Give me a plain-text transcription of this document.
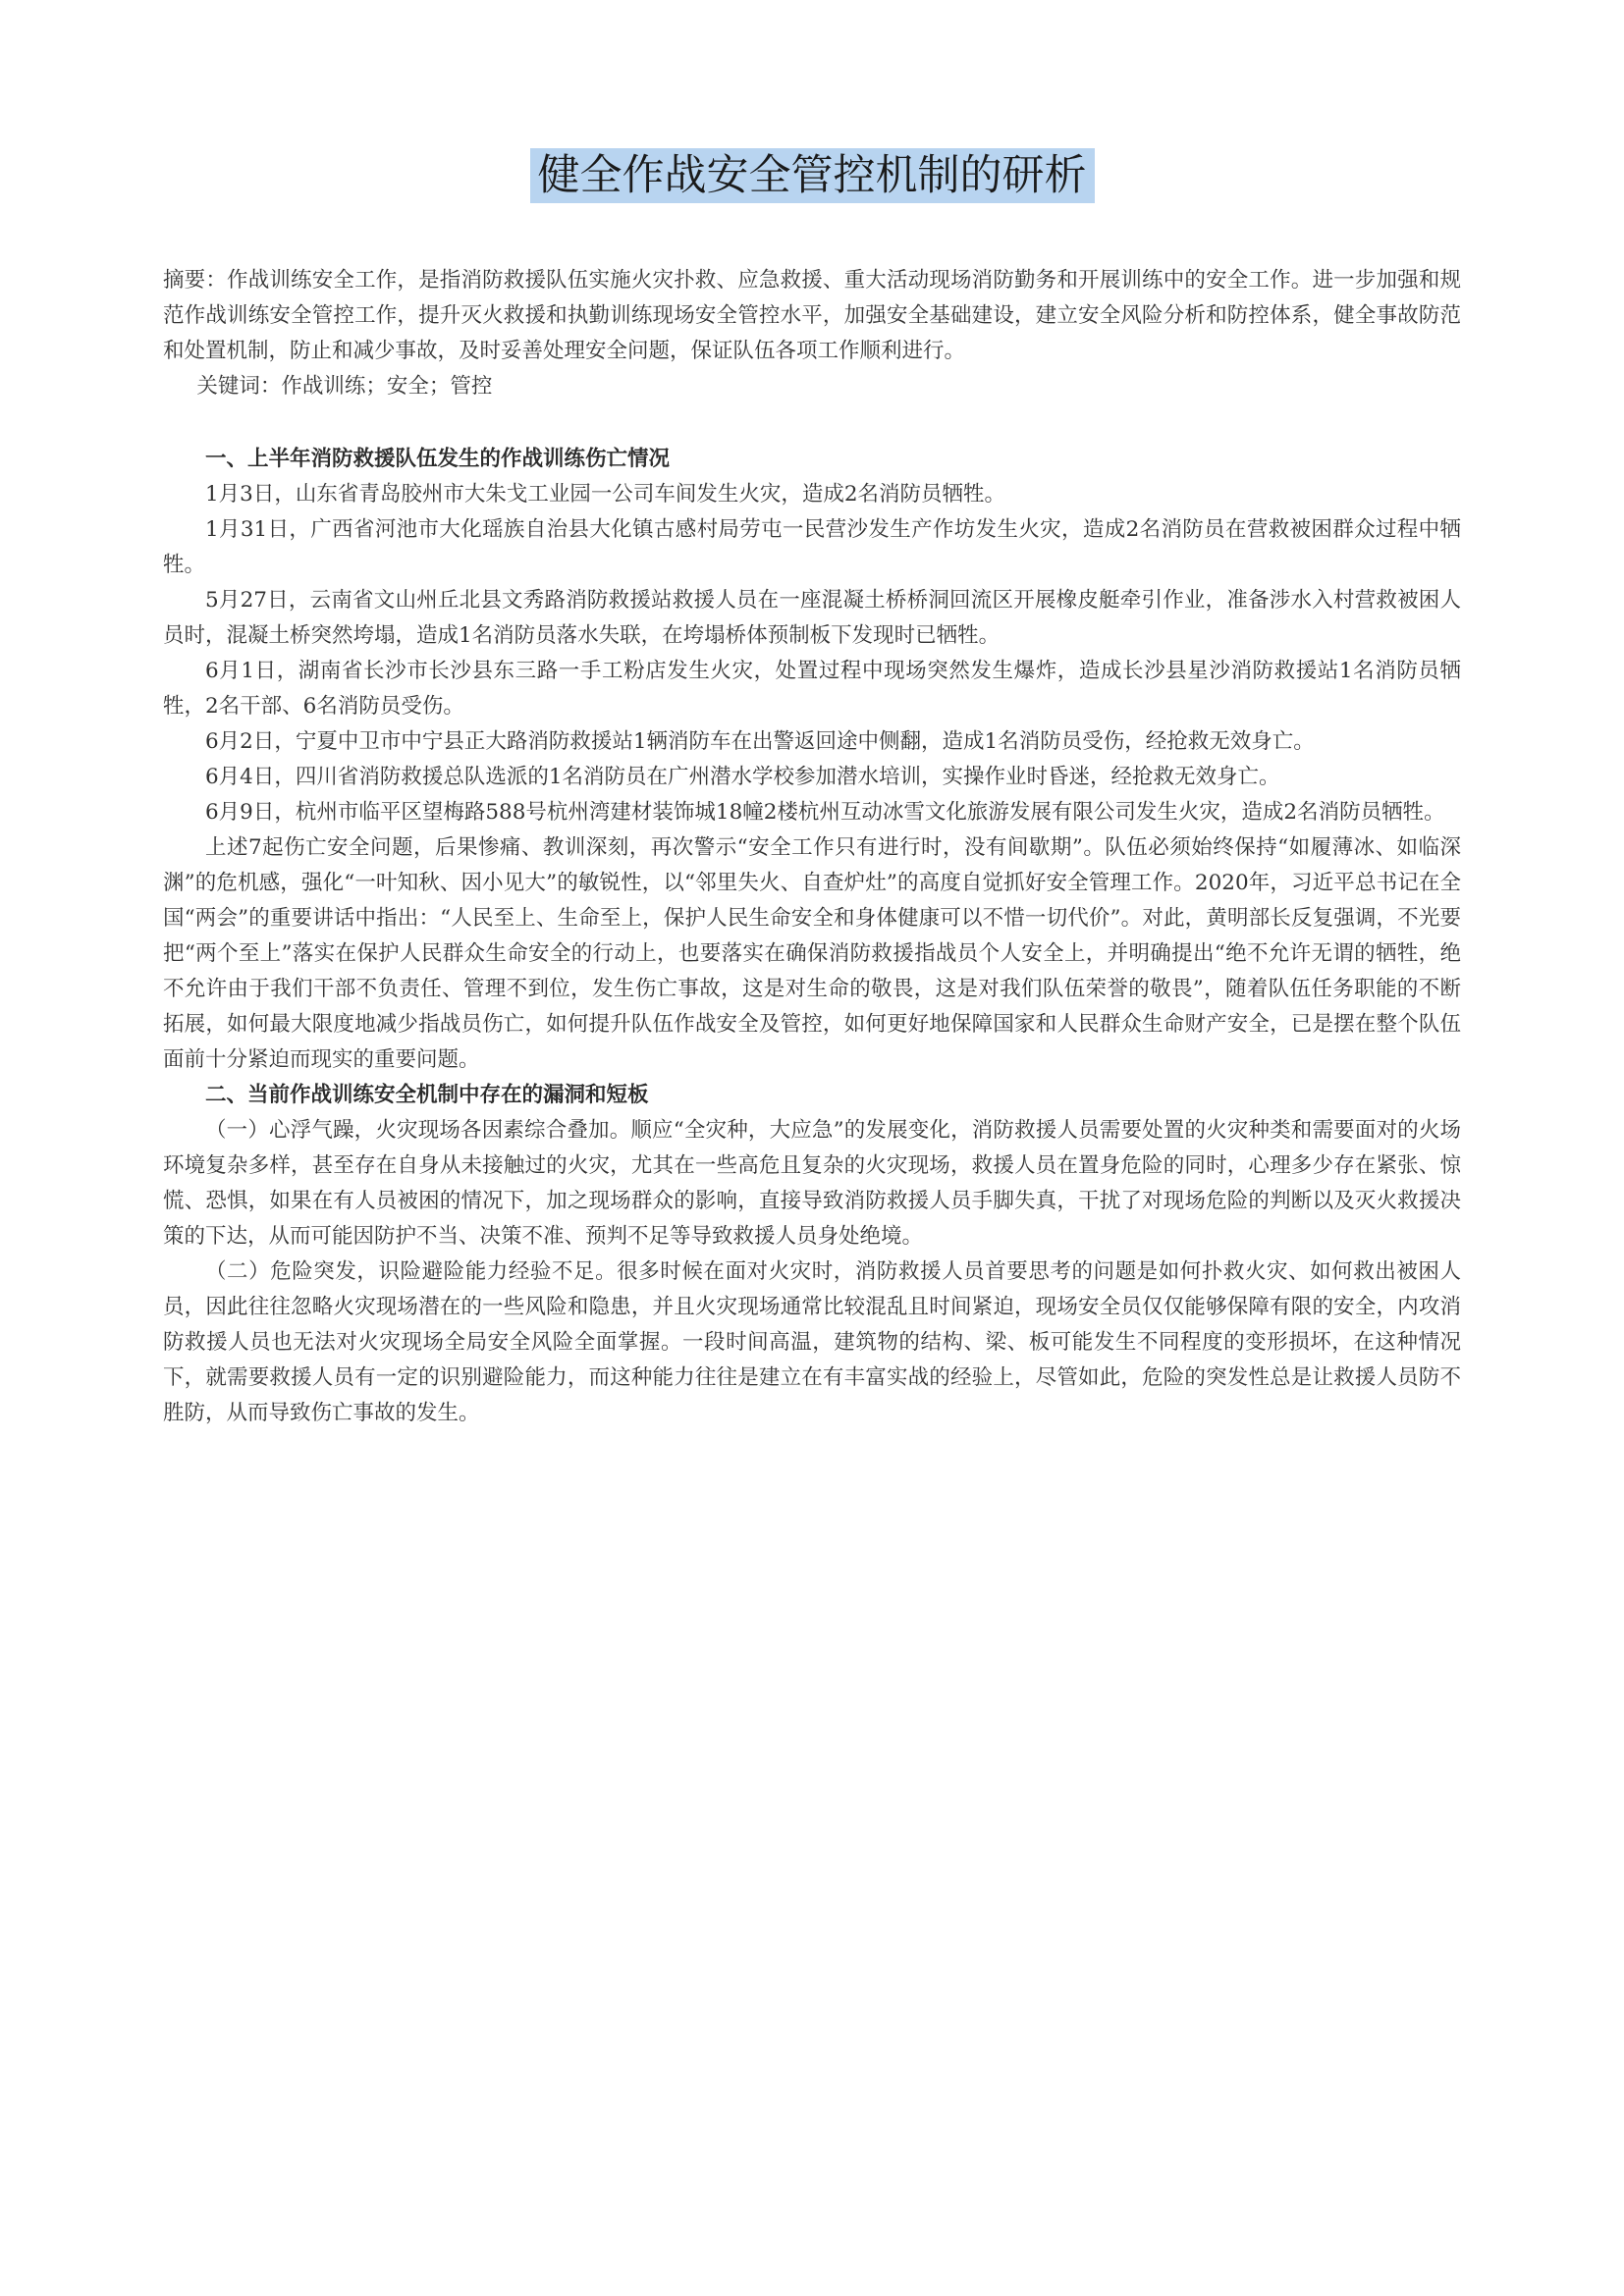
健全作战安全管控机制的研析

摘要：作战训练安全工作，是指消防救援队伍实施火灾扑救、应急救援、重大活动现场消防勤务和开展训练中的安全工作。进一步加强和规范作战训练安全管控工作，提升灭火救援和执勤训练现场安全管控水平，加强安全基础建设，建立安全风险分析和防控体系，健全事故防范和处置机制，防止和减少事故，及时妥善处理安全问题，保证队伍各项工作顺利进行。

关键词：作战训练；安全；管控

一、上半年消防救援队伍发生的作战训练伤亡情况

1月3日，山东省青岛胶州市大朱戈工业园一公司车间发生火灾，造成2名消防员牺牲。

1月31日，广西省河池市大化瑶族自治县大化镇古感村局劳屯一民营沙发生产作坊发生火灾，造成2名消防员在营救被困群众过程中牺牲。

5月27日，云南省文山州丘北县文秀路消防救援站救援人员在一座混凝土桥桥洞回流区开展橡皮艇牵引作业，准备涉水入村营救被困人员时，混凝土桥突然垮塌，造成1名消防员落水失联，在垮塌桥体预制板下发现时已牺牲。

6月1日，湖南省长沙市长沙县东三路一手工粉店发生火灾，处置过程中现场突然发生爆炸，造成长沙县星沙消防救援站1名消防员牺牲，2名干部、6名消防员受伤。

6月2日，宁夏中卫市中宁县正大路消防救援站1辆消防车在出警返回途中侧翻，造成1名消防员受伤，经抢救无效身亡。

6月4日，四川省消防救援总队选派的1名消防员在广州潜水学校参加潜水培训，实操作业时昏迷，经抢救无效身亡。

6月9日，杭州市临平区望梅路588号杭州湾建材装饰城18幢2楼杭州互动冰雪文化旅游发展有限公司发生火灾，造成2名消防员牺牲。

上述7起伤亡安全问题，后果惨痛、教训深刻，再次警示“安全工作只有进行时，没有间歇期”。队伍必须始终保持“如履薄冰、如临深渊”的危机感，强化“一叶知秋、因小见大”的敏锐性，以“邻里失火、自查炉灶”的高度自觉抓好安全管理工作。2020年，习近平总书记在全国“两会”的重要讲话中指出：“人民至上、生命至上，保护人民生命安全和身体健康可以不惜一切代价”。对此，黄明部长反复强调，不光要把“两个至上”落实在保护人民群众生命安全的行动上，也要落实在确保消防救援指战员个人安全上，并明确提出“绝不允许无谓的牺牲，绝不允许由于我们干部不负责任、管理不到位，发生伤亡事故，这是对生命的敬畏，这是对我们队伍荣誉的敬畏”，随着队伍任务职能的不断拓展，如何最大限度地减少指战员伤亡，如何提升队伍作战安全及管控，如何更好地保障国家和人民群众生命财产安全，已是摆在整个队伍面前十分紧迫而现实的重要问题。

二、当前作战训练安全机制中存在的漏洞和短板

（一）心浮气躁，火灾现场各因素综合叠加。顺应“全灾种，大应急”的发展变化，消防救援人员需要处置的火灾种类和需要面对的火场环境复杂多样，甚至存在自身从未接触过的火灾，尤其在一些高危且复杂的火灾现场，救援人员在置身危险的同时，心理多少存在紧张、惊慌、恐惧，如果在有人员被困的情况下，加之现场群众的影响，直接导致消防救援人员手脚失真，干扰了对现场危险的判断以及灭火救援决策的下达，从而可能因防护不当、决策不准、预判不足等导致救援人员身处绝境。

（二）危险突发，识险避险能力经验不足。很多时候在面对火灾时，消防救援人员首要思考的问题是如何扑救火灾、如何救出被困人员，因此往往忽略火灾现场潜在的一些风险和隐患，并且火灾现场通常比较混乱且时间紧迫，现场安全员仅仅能够保障有限的安全，内攻消防救援人员也无法对火灾现场全局安全风险全面掌握。一段时间高温，建筑物的结构、梁、板可能发生不同程度的变形损坏，在这种情况下，就需要救援人员有一定的识别避险能力，而这种能力往往是建立在有丰富实战的经验上，尽管如此，危险的突发性总是让救援人员防不胜防，从而导致伤亡事故的发生。
